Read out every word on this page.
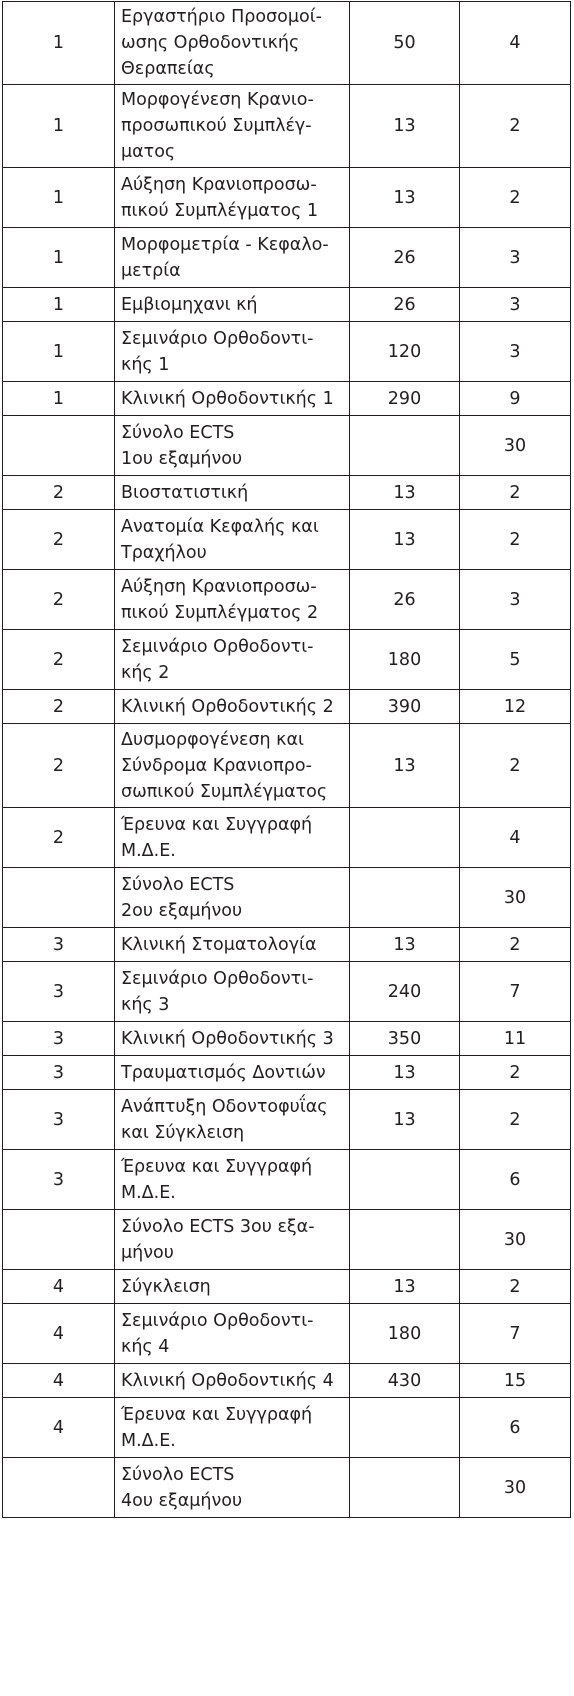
1	Εργαστήριο Προσομοί-
ωσης Ορθοδοντικής
Θεραπείας	50	4
1	Μορφογένεση Κρανιο-
προσωπικού Συμπλέγ-
ματος	13	2
1	Αύξηση Κρανιοπροσω-
πικού Συμπλέγματος 1	13	2
1	Μορφομετρία - Κεφαλο-
μετρία	26	3
1	Εμβιομηχανι κή	26	3
1	Σεμινάριο Ορθοδοντι-
κής 1	120	3
1	Κλινική Ορθοδοντικής 1	290	9

	Σύνολο ECTS
1ου εξαμήνου		30
2	Βιοστατιστική	13	2
2	Ανατομία Κεφαλής και
Τραχήλου	13	2
2	Αύξηση Κρανιοπροσω-
πικού Συμπλέγματος 2	26	3
2	Σεμινάριο Ορθοδοντι-
κής 2	180	5
2	Κλινική Ορθοδοντικής 2	390	12
2	Δυσμορφογένεση και
Σύνδρομα Κρανιοπρο-
σωπικού Συμπλέγματος	13	2
2	Έρευνα και Συγγραφή
Μ.Δ.Ε.		4

	Σύνολο ECTS
2ου εξαμήνου		30
3	Κλινική Στοματολογία	13	2
3	Σεμινάριο Ορθοδοντι-
κής 3	240	7
3	Κλινική Ορθοδοντικής 3	350	11
3	Τραυματισμός Δοντιών	13	2
3	Ανάπτυξη Οδοντοφυΐας
και Σύγκλειση	13	2
3	Έρευνα και Συγγραφή
Μ.Δ.Ε.		6

	Σύνολο ECTS 3ου εξα-
μήνου		30
4	Σύγκλειση	13	2
4	Σεμινάριο Ορθοδοντι-
κής 4	180	7
4	Κλινική Ορθοδοντικής 4	430	15
4	Έρευνα και Συγγραφή
Μ.Δ.Ε.		6

	Σύνολο ECTS
4ου εξαμήνου		30
